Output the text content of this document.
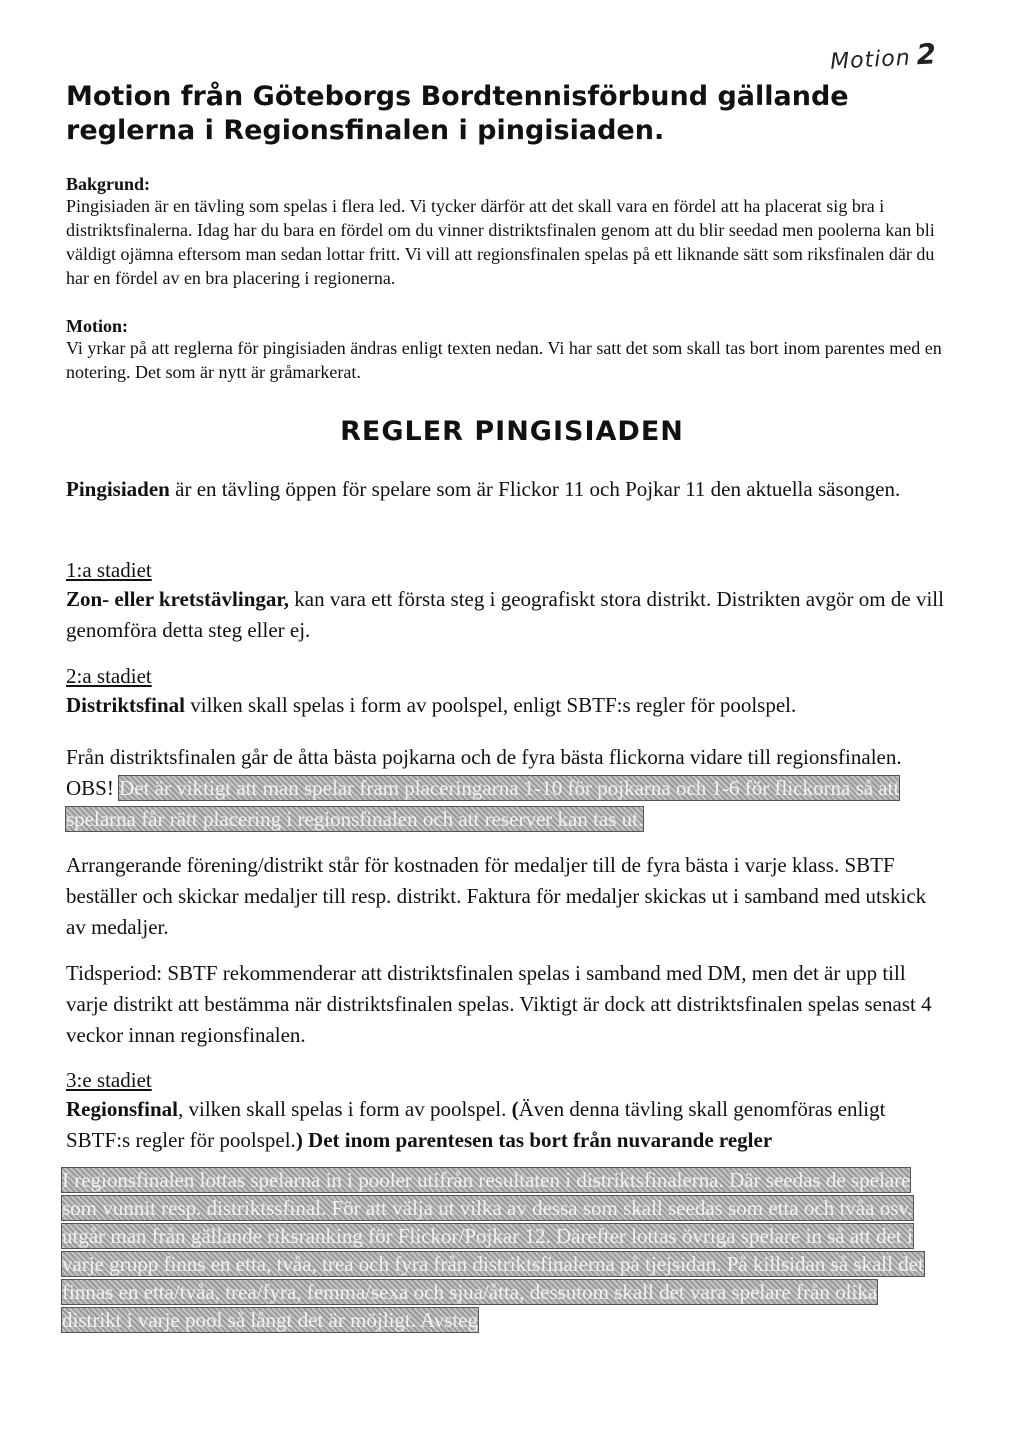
Motion 2
Motion från Göteborgs Bordtennisförbund gällande reglerna i Regionsfinalen i pingisiaden.

Bakgrund:

Pingisiaden är en tävling som spelas i flera led. Vi tycker därför att det skall vara en fördel att ha placerat sig bra i distriktsfinalerna. Idag har du bara en fördel om du vinner distriktsfinalen genom att du blir seedad men poolerna kan bli väldigt ojämna eftersom man sedan lottar fritt. Vi vill att regionsfinalen spelas på ett liknande sätt som riksfinalen där du har en fördel av en bra placering i regionerna.

Motion:

Vi yrkar på att reglerna för pingisiaden ändras enligt texten nedan. Vi har satt det som skall tas bort inom parentes med en notering. Det som är nytt är gråmarkerat.

REGLER PINGISIADEN

Pingisiaden är en tävling öppen för spelare som är Flickor 11 och Pojkar 11 den aktuella säsongen.

1:a stadiet

Zon- eller kretstävlingar, kan vara ett första steg i geografiskt stora distrikt. Distrikten avgör om de vill genomföra detta steg eller ej.

2:a stadiet

Distriktsfinal vilken skall spelas i form av poolspel, enligt SBTF:s regler för poolspel.

Från distriktsfinalen går de åtta bästa pojkarna och de fyra bästa flickorna vidare till regionsfinalen. OBS! Det är viktigt att man spelar fram placeringarna 1-10 för pojkarna och 1-6 för flickorna så att spelarna får rätt placering i regionsfinalen och att reserver kan tas ut.

Arrangerande förening/distrikt står för kostnaden för medaljer till de fyra bästa i varje klass. SBTF beställer och skickar medaljer till resp. distrikt. Faktura för medaljer skickas ut i samband med utskick av medaljer.

Tidsperiod: SBTF rekommenderar att distriktsfinalen spelas i samband med DM, men det är upp till varje distrikt att bestämma när distriktsfinalen spelas. Viktigt är dock att distriktsfinalen spelas senast 4 veckor innan regionsfinalen.

3:e stadiet

Regionsfinal, vilken skall spelas i form av poolspel. (Även denna tävling skall genomföras enligt SBTF:s regler för poolspel.) Det inom parentesen tas bort från nuvarande regler

I regionsfinalen lottas spelarna in i pooler utifrån resultaten i distriktsfinalerna. Där seedas de spelare som vunnit resp. distriktssfinal. För att välja ut vilka av dessa som skall seedas som etta och tvåa osv. utgår man från gällande riksranking för Flickor/Pojkar 12. Därefter lottas övriga spelare in så att det i varje grupp finns en etta, tvåa, trea och fyra från distriktsfinalerna på tjejsidan. På killsidan så skall det finnas en etta/tvåa, trea/fyra, femma/sexa och sjua/åtta, dessutom skall det vara spelare från olika distrikt i varje pool så långt det är möjligt. Avsteg
